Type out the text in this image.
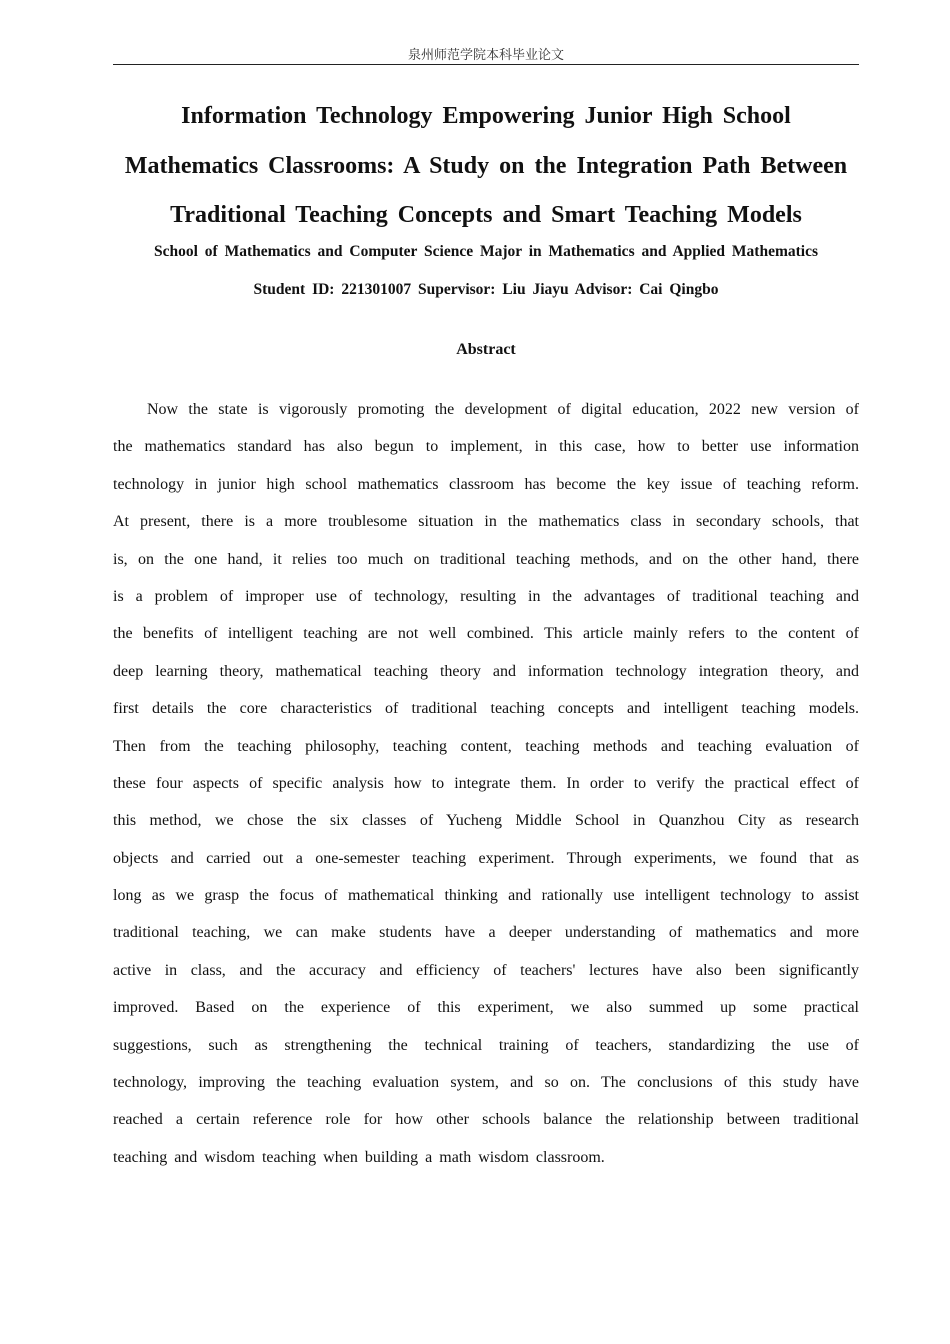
泉州师范学院本科毕业论文
Information Technology Empowering Junior High School
Mathematics Classrooms: A Study on the Integration Path Between
Traditional Teaching Concepts and Smart Teaching Models
School of Mathematics and Computer Science Major in Mathematics and Applied Mathematics
Student ID: 221301007 Supervisor: Liu Jiayu Advisor: Cai Qingbo
Abstract
Now the state is vigorously promoting the development of digital education, 2022 new version of
the mathematics standard has also begun to implement, in this case, how to better use information
technology in junior high school mathematics classroom has become the key issue of teaching reform.
At present, there is a more troublesome situation in the mathematics class in secondary schools, that
is, on the one hand, it relies too much on traditional teaching methods, and on the other hand, there
is a problem of improper use of technology, resulting in the advantages of traditional teaching and
the benefits of intelligent teaching are not well combined. This article mainly refers to the content of
deep learning theory, mathematical teaching theory and information technology integration theory, and
first details the core characteristics of traditional teaching concepts and intelligent teaching models.
Then from the teaching philosophy, teaching content, teaching methods and teaching evaluation of
these four aspects of specific analysis how to integrate them. In order to verify the practical effect of
this method, we chose the six classes of Yucheng Middle School in Quanzhou City as research
objects and carried out a one-semester teaching experiment. Through experiments, we found that as
long as we grasp the focus of mathematical thinking and rationally use intelligent technology to assist
traditional teaching, we can make students have a deeper understanding of mathematics and more
active in class, and the accuracy and efficiency of teachers' lectures have also been significantly
improved. Based on the experience of this experiment, we also summed up some practical
suggestions, such as strengthening the technical training of teachers, standardizing the use of
technology, improving the teaching evaluation system, and so on. The conclusions of this study have
reached a certain reference role for how other schools balance the relationship between traditional
teaching and wisdom teaching when building a math wisdom classroom.
